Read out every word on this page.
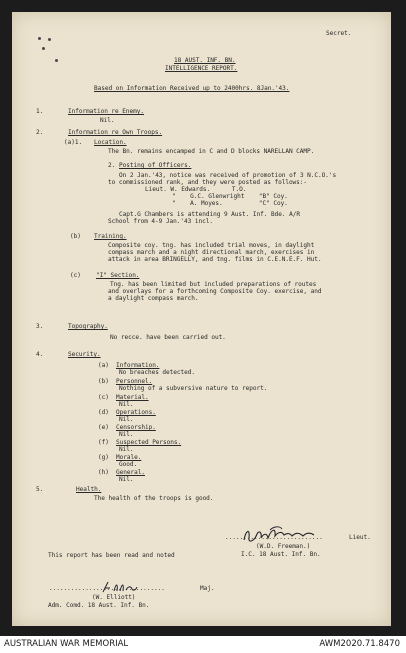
Secret.
18 AUST. INF. BN.
INTELLIGENCE REPORT.
Based on Information Received up to 2400hrs. 8Jan.'43.
1.	Information re Enemy.
Nil.
2.	Information re Own Troops.
(a)1. Location.
The Bn. remains encamped in C and D blocks NARELLAN CAMP.
2. Posting of Officers.
On 2 Jan.'43, notice was received of promotion of 3 N.C.O.'s
to commissioned rank, and they were posted as follows:-
Lieut. W. Edwards.      T.O.
"    G.C. Glenwright    "B" Coy.
"    A. Moyes.          "C" Coy.
Capt.G Chambers is attending 9 Aust. Inf. Bde. A/R
School from 4-9 Jan.'43 incl.
(b) Training.
Composite coy. tng. has included trial moves, in daylight
compass march and a night directional march, exercises in
attack in area BRINGELLY, and tng. films in C.E.N.E.F. Hut.
(c) "I" Section.
Tng. has been limited but included preparations of routes
and overlays for a forthcoming Composite Coy. exercise, and
a daylight compass march.
3.	Topography.
No recce. have been carried out.
4.	Security.
(a) Information.
No breaches detected.
(b) Personnel.
Nothing of a subversive nature to report.
(c) Material.
Nil.
(d) Operations.
Nil.
(e) Censorship.
Nil.
(f) Suspected Persons.
Nil.
(g) Morale.
Good.
(h) General.
Nil.
5.	Health.
The health of the troops is good.
...........................	Lieut.
(W.D. Freeman.)
I.C. 18 Aust. Inf. Bn.
This report has been read and noted
................................	Maj.
(W. Elliott)
Adm. Comd. 18 Aust. Inf. Bn.
AUSTRALIAN WAR MEMORIAL	AWM2020.71.8470
